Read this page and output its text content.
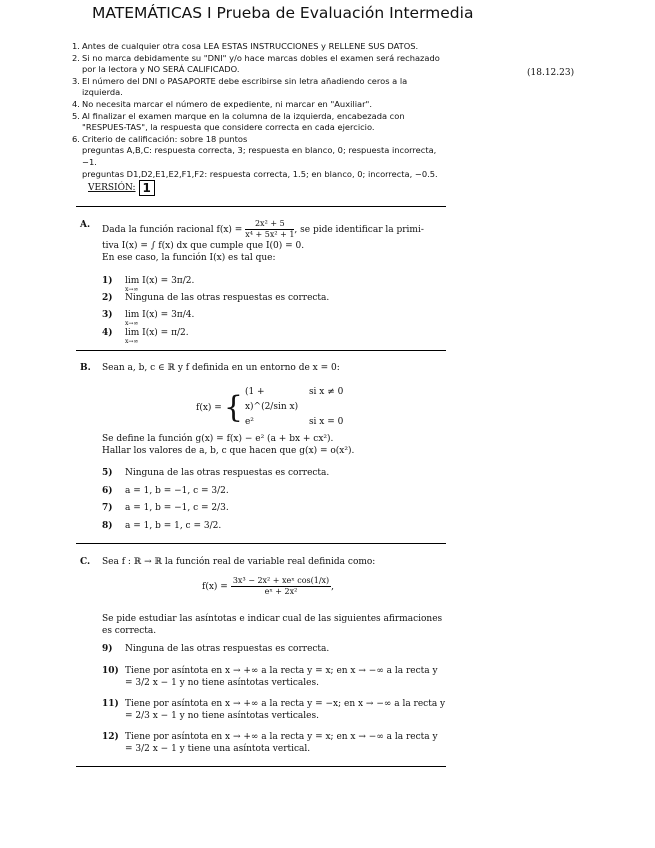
MATEMÁTICAS I Prueba de Evaluación Intermedia
1. Antes de cualquier otra cosa LEA ESTAS INSTRUCCIONES y RELLENE SUS DATOS.
2. Si no marca debidamente su "DNI" y/o hace marcas dobles el examen será rechazado por la lectora y NO SERÁ CALIFICADO.
3. El número del DNI o PASAPORTE debe escribirse sin letra añadiendo ceros a la izquierda.
4. No necesita marcar el número de expediente, ni marcar en "Auxiliar".
5. Al finalizar el examen marque en la columna de la izquierda, encabezada con "RESPUES-TAS", la respuesta que considere correcta en cada ejercicio.
6. Criterio de calificación: sobre 18 puntos
preguntas A,B,C: respuesta correcta, 3; respuesta en blanco, 0; respuesta incorrecta, −1.
preguntas D1,D2,E1,E2,F1,F2: respuesta correcta, 1.5; en blanco, 0; incorrecta, −0.5.
(18.12.23)
VERSIÓN: 1
A. Dada la función racional $f(x) = \frac{\text{2x² + 5}}{\text{x⁴ + 5x² + 1}}$ , se pide identificar la primi-
tiva I(x) = ∫ f(x) dx que cumple que I(0) = 0.
En ese caso, la función I(x) es tal que:
1)	lim I(x) = 3π/2.
x→∞
2)	Ninguna de las otras respuestas es correcta.
3)	lim I(x) = 3π/4.
x→∞
4)	lim I(x) = π/2.
x→∞
B. Sean a, b, c ∈ ℝ y f definida en un entorno de x = 0:
f(x) = { (1 + x)^(2/sin x)
si x ≠ 0
e²	si x = 0
Se define la función g(x) = f(x) − e² (a + bx + cx²).
Hallar los valores de a, b, c que hacen que g(x) = o(x²).
5)	Ninguna de las otras respuestas es correcta.
6)	a = 1, b = −1, c = 3/2.
7)	a = 1, b = −1, c = 2/3.
8)	a = 1, b = 1, c = 3/2.
C. Sea f : ℝ → ℝ la función real de variable real definida como:
$f(x) = \frac{\text{3x³ − 2x² + xeˣ cos(1/x)}}{\text{eˣ + 2x²}}$ ,
Se pide estudiar las asíntotas e indicar cual de las siguientes afirmaciones
es correcta.
9)	Ninguna de las otras respuestas es correcta.
10) Tiene por asíntota en x → +∞ a la recta y = x; en x → −∞ a la recta y = 3/2 x − 1 y no tiene asíntotas verticales.
11) Tiene por asíntota en x → +∞ a la recta y = −x; en x → −∞ a la recta y = 2/3 x − 1 y no tiene asíntotas verticales.
12) Tiene por asíntota en x → +∞ a la recta y = x; en x → −∞ a la recta y = 3/2 x − 1 y tiene una asíntota vertical.
